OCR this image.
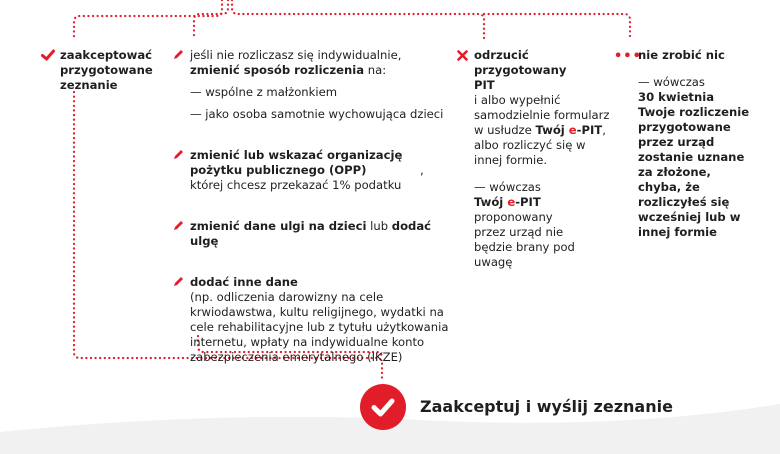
zaakceptować przygotowane zeznanie
jeśli nie rozliczasz się indywidualnie,
zmienić sposób rozliczenia na:
— wspólne z małżonkiem
— jako osoba samotnie wychowująca dzieci
zmienić lub wskazać organizację pożytku publicznego (OPP)	,
której chcesz przekazać 1% podatku
zmienić dane ulgi na dzieci lub dodać ulgę
dodać inne dane

(np. odliczenia darowizny na cele krwiodawstwa, kultu religijnego, wydatki na cele rehabilitacyjne lub z tytułu użytkowania internetu, wpłaty na indywidualne konto zabezpieczenia emerytalnego (IKZE)
odrzucić przygotowany PIT
i albo wypełnić samodzielnie formularz w usłudze Twój e-PIT, albo rozliczyć się w innej formie.
— wówczas
Twój e-PIT

proponowany przez urząd nie będzie brany pod uwagę
•••
nie zrobić nic
— wówczas

30 kwietnia Twoje rozliczenie przygotowane przez urząd zostanie uznane za złożone, chyba, że rozliczyłeś się wcześniej lub w innej formie
Zaakceptuj i wyślij zeznanie
